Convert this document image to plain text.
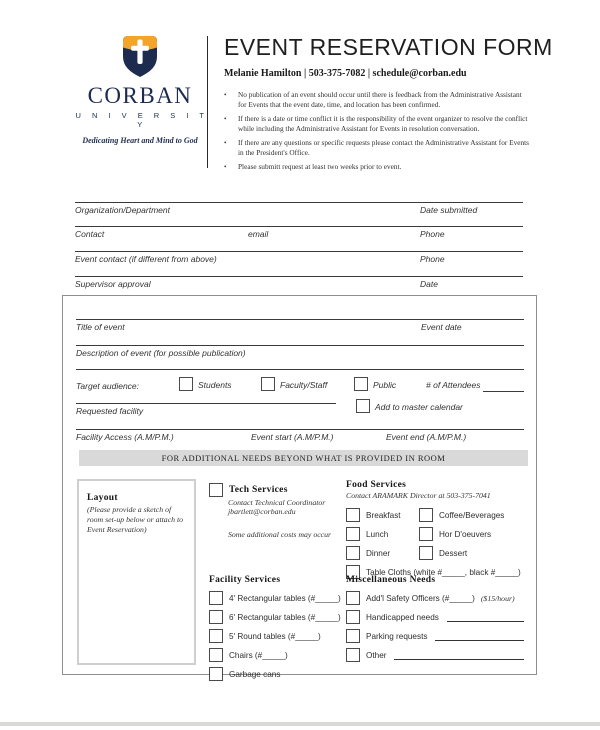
CORBAN
U N I V E R S I T Y
Dedicating Heart and Mind to God
EVENT RESERVATION FORM
Melanie Hamilton | 503-375-7082 | schedule@corban.edu
•	No publication of an event should occur until there is feedback from the Administrative Assistant for Events that the event date, time, and location has been confirmed.
•	If there is a date or time conflict it is the responsibility of the event organizer to resolve the conflict while including the Administrative Assistant for Events in resolution conversation.
•	If there are any questions or specific requests please contact the Administrative Assistant for Events in the President's Office.
•	Please submitt request at least two weeks prior to event.
Organization/Department	Date submitted
Contact	email	Phone
Event contact (if different from above)	Phone
Supervisor approval	Date
Title of event	Event date
Description of event (for possible publication)
Target audience:	Students	Faculty/Staff	Public	# of Attendees
Requested facility	Add to master calendar
Facility Access (A.M/P.M.)	Event start (A.M/P.M.)	Event end (A.M/P.M.)
FOR ADDITIONAL NEEDS BEYOND WHAT IS PROVIDED IN ROOM
Layout
(Please provide a sketch of room set-up below or attach to Event Reservation)
Tech Services
Contact Technical Coordinator
jbartlett@corban.edu
Some additional costs may occur
Food Services
Contact ARAMARK Director at 503-375-7041
Breakfast	Coffee/Beverages
Lunch	Hor D'oeuvers
Dinner	Dessert
Table Cloths (white #_____, black #_____)
Facility Services
4' Rectangular tables (#_____)
6' Rectangular tables (#_____)
5' Round tables (#_____)
Chairs (#_____)
Garbage cans
Miscellaneous Needs
Add'l Safety Officers (#_____) ($15/hour)
Handicapped needs
Parking requests
Other
